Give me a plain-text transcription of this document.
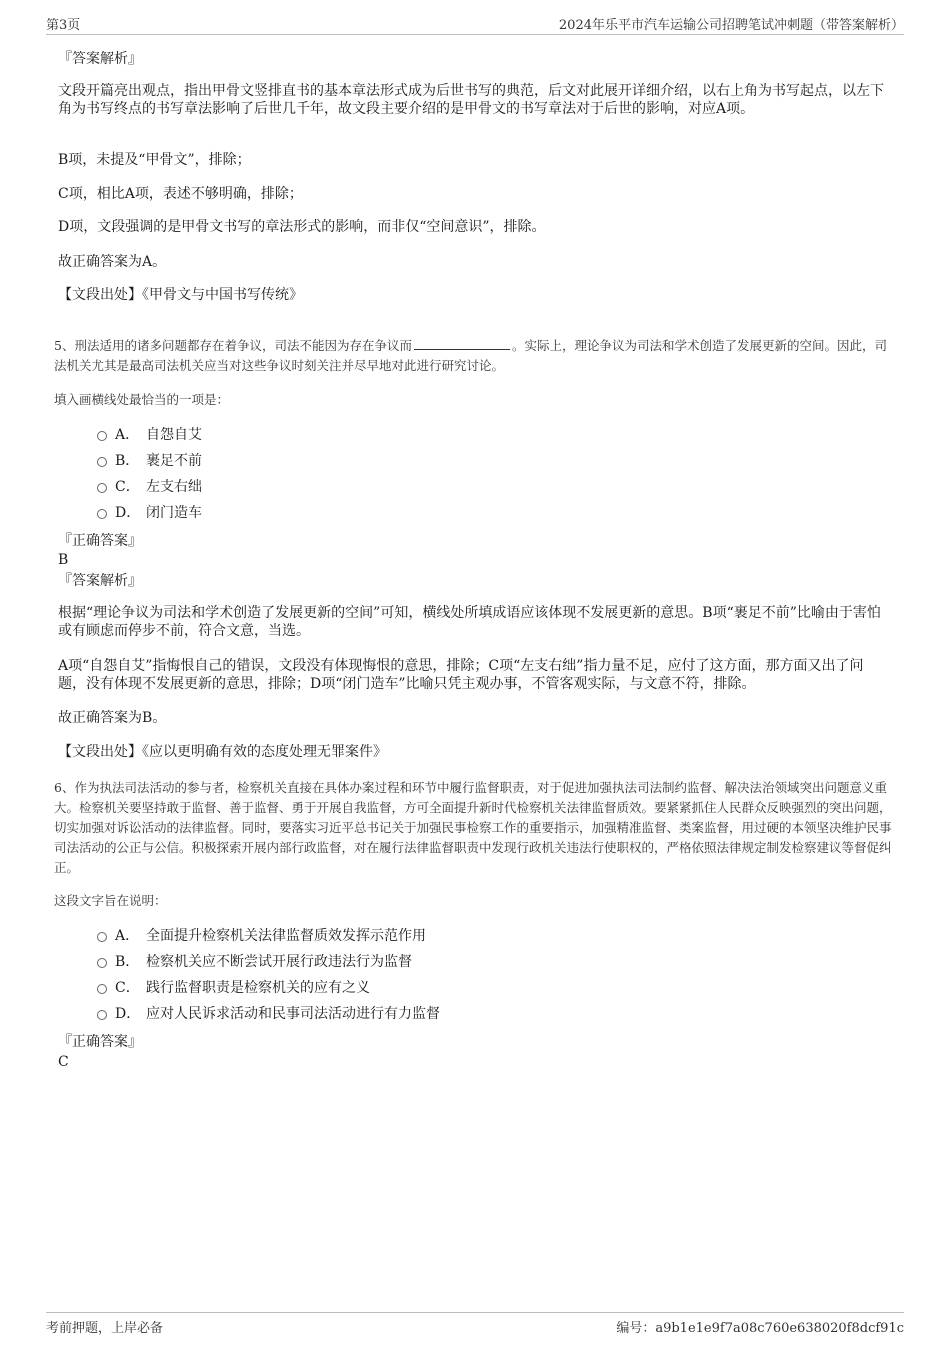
第3页	2024年乐平市汽车运输公司招聘笔试冲刺题（带答案解析）
『答案解析』
文段开篇亮出观点，指出甲骨文竖排直书的基本章法形式成为后世书写的典范，后文对此展开详细介绍，以右上角为书写起点，以左下角为书写终点的书写章法影响了后世几千年，故文段主要介绍的是甲骨文的书写章法对于后世的影响，对应A项。
B项，未提及“甲骨文”，排除；
C项，相比A项，表述不够明确，排除；
D项，文段强调的是甲骨文书写的章法形式的影响，而非仅“空间意识”，排除。
故正确答案为A。
【文段出处】《甲骨文与中国书写传统》
5、刑法适用的诸多问题都存在着争议，司法不能因为存在争议而	。实际上，理论争议为司法和学术创造了发展更新的空间。因此，司法机关尤其是最高司法机关应当对这些争议时刻关注并尽早地对此进行研究讨论。
填入画横线处最恰当的一项是：
A． 自怨自艾
B． 裹足不前
C． 左支右绌
D． 闭门造车
『正确答案』
B
『答案解析』
根据“理论争议为司法和学术创造了发展更新的空间”可知，横线处所填成语应该体现不发展更新的意思。B项“裹足不前”比喻由于害怕或有顾虑而停步不前，符合文意，当选。
A项“自怨自艾”指悔恨自己的错误，文段没有体现悔恨的意思，排除；C项“左支右绌”指力量不足，应付了这方面，那方面又出了问题，没有体现不发展更新的意思，排除；D项“闭门造车”比喻只凭主观办事，不管客观实际，与文意不符，排除。
故正确答案为B。
【文段出处】《应以更明确有效的态度处理无罪案件》
6、作为执法司法活动的参与者，检察机关直接在具体办案过程和环节中履行监督职责，对于促进加强执法司法制约监督、解决法治领域突出问题意义重大。检察机关要坚持敢于监督、善于监督、勇于开展自我监督，方可全面提升新时代检察机关法律监督质效。要紧紧抓住人民群众反映强烈的突出问题，切实加强对诉讼活动的法律监督。同时，要落实习近平总书记关于加强民事检察工作的重要指示，加强精准监督、类案监督，用过硬的本领坚决维护民事司法活动的公正与公信。积极探索开展内部行政监督，对在履行法律监督职责中发现行政机关违法行使职权的，严格依照法律规定制发检察建议等督促纠正。
这段文字旨在说明：
A． 全面提升检察机关法律监督质效发挥示范作用
B． 检察机关应不断尝试开展行政违法行为监督
C． 践行监督职责是检察机关的应有之义
D． 应对人民诉求活动和民事司法活动进行有力监督
『正确答案』
C
考前押题，上岸必备	编号：a9b1e1e9f7a08c760e638020f8dcf91c
